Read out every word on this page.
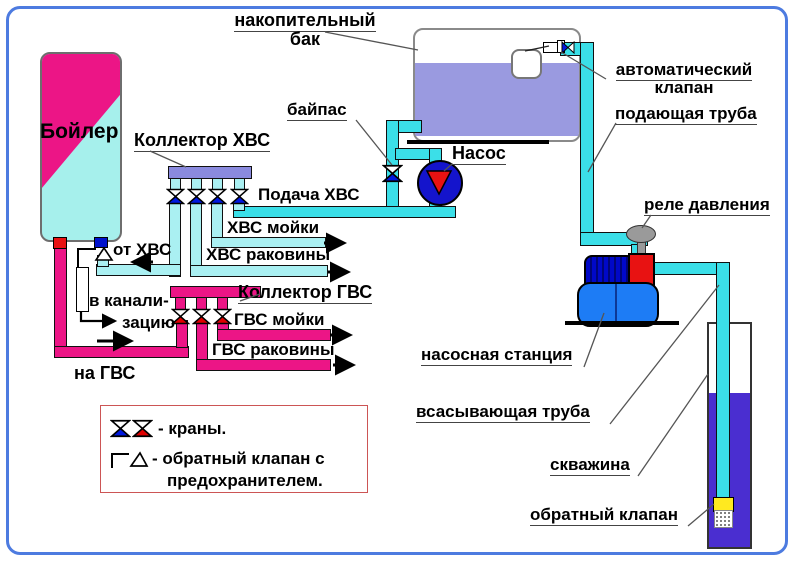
Бойлер
- краны.
- обратный клапан с
предохранителем.
накопительный
бак
Коллектор ХВС
байпас
Подача ХВС
ХВС мойки
ХВС раковины
от ХВС
в канали-
зацию
Коллектор ГВС
ГВС мойки
ГВС раковины
на ГВС
Насос
автоматический
клапан
подающая труба
реле давления
насосная станция
всасывающая труба
скважина
обратный клапан
